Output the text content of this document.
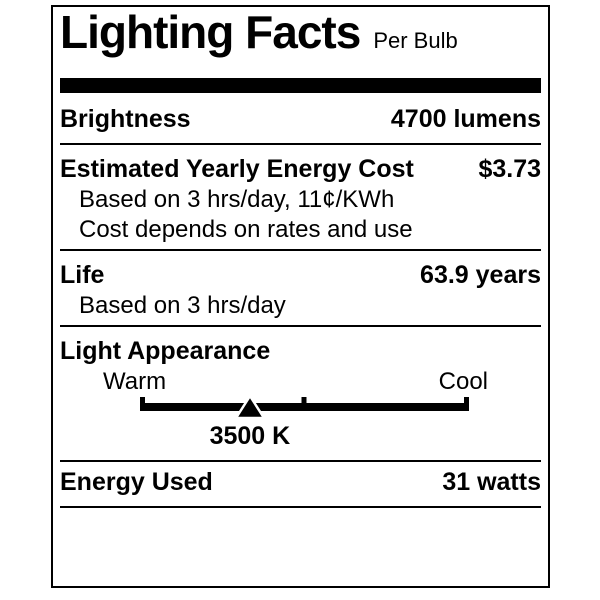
Lighting Facts Per Bulb
Brightness	4700 lumens
Estimated Yearly Energy Cost	$3.73
Based on 3 hrs/day, 11¢/KWh
Cost depends on rates and use
Life	63.9 years
Based on 3 hrs/day
Light Appearance
Warm	Cool
3500 K
Energy Used	31 watts
